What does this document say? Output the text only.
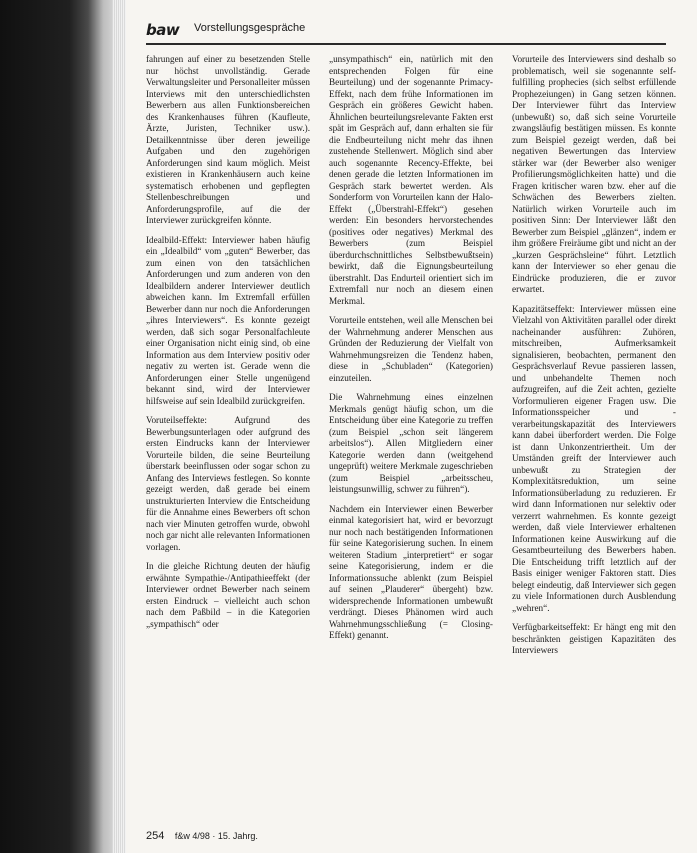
baw Vorstellungsgespräche

fahrungen auf einer zu besetzenden Stelle nur höchst unvollständig. Gerade Verwaltungsleiter und Personalleiter müssen Interviews mit den unterschiedlichsten Bewerbern aus allen Funktionsbereichen des Krankenhauses führen (Kaufleute, Ärzte, Juristen, Techniker usw.). Detailkenntnisse über deren jeweilige Aufgaben und den zugehörigen Anforderungen sind kaum möglich. Meist existieren in Krankenhäusern auch keine systematisch erhobenen und gepflegten Stellenbeschreibungen und Anforderungsprofile, auf die der Interviewer zurückgreifen könnte.

Idealbild-Effekt: Interviewer haben häufig ein „Idealbild“ vom „guten“ Bewerber, das zum einen von den tatsächlichen Anforderungen und zum anderen von den Idealbildern anderer Interviewer deutlich abweichen kann. Im Extremfall erfüllen Bewerber dann nur noch die Anforderungen „ihres Interviewers“. Es konnte gezeigt werden, daß sich sogar Personalfachleute einer Organisation nicht einig sind, ob eine Information aus dem Interview positiv oder negativ zu werten ist. Gerade wenn die Anforderungen einer Stelle ungenügend bekannt sind, wird der Interviewer hilfsweise auf sein Idealbild zurückgreifen.

Voruteilseffekte: Aufgrund des Bewerbungsunterlagen oder aufgrund des ersten Eindrucks kann der Interviewer Vorurteile bilden, die seine Beurteilung überstark beeinflussen oder sogar schon zu Anfang des Interviews festlegen. So konnte gezeigt werden, daß gerade bei einem unstrukturierten Interview die Entscheidung für die Annahme eines Bewerbers oft schon nach vier Minuten getroffen wurde, obwohl noch gar nicht alle relevanten Informationen vorlagen.

In die gleiche Richtung deuten der häufig erwähnte Sympathie-/Antipathieeffekt (der Interviewer ordnet Bewerber nach seinem ersten Eindruck – vielleicht auch schon nach dem Paßbild – in die Kategorien „sympathisch“ oder

„unsympathisch“ ein, natürlich mit den entsprechenden Folgen für eine Beurteilung) und der sogenannte Primacy-Effekt, nach dem frühe Informationen im Gespräch ein größeres Gewicht haben. Ähnlichen beurteilungsrelevante Fakten erst spät im Gespräch auf, dann erhalten sie für die Endbeurteilung nicht mehr das ihnen zustehende Stellenwert. Möglich sind aber auch sogenannte Recency-Effekte, bei denen gerade die letzten Informationen im Gespräch stark bewertet werden. Als Sonderform von Vorurteilen kann der Halo-Effekt („Überstrahl-Effekt“) gesehen werden: Ein besonders hervorstechendes (positives oder negatives) Merkmal des Bewerbers (zum Beispiel überdurchschnittliches Selbstbewußtsein) bewirkt, daß die Eignungsbeurteilung überstrahlt. Das Endurteil orientiert sich im Extremfall nur noch an diesem einen Merkmal.

Vorurteile entstehen, weil alle Menschen bei der Wahrnehmung anderer Menschen aus Gründen der Reduzierung der Vielfalt von Wahrnehmungsreizen die Tendenz haben, diese in „Schubladen“ (Kategorien) einzuteilen.

Die Wahrnehmung eines einzelnen Merkmals genügt häufig schon, um die Entscheidung über eine Kategorie zu treffen (zum Beispiel „schon seit längerem arbeitslos“). Allen Mitgliedern einer Kategorie werden dann (weitgehend ungeprüft) weitere Merkmale zugeschrieben (zum Beispiel „arbeitsscheu, leistungsunwillig, schwer zu führen“).

Nachdem ein Interviewer einen Bewerber einmal kategorisiert hat, wird er bevorzugt nur noch nach bestätigenden Informationen für seine Kategorisierung suchen. In einem weiteren Stadium „interpretiert“ er sogar seine Kategorisierung, indem er die Informationssuche ablenkt (zum Beispiel auf seinen „Plauderer“ übergeht) bzw. widersprechende Informationen umbewußt verdrängt. Dieses Phänomen wird auch Wahrnehmungsschließung (= Closing-Effekt) genannt.

Vorurteile des Interviewers sind deshalb so problematisch, weil sie sogenannte self-fulfilling prophecies (sich selbst erfüllende Prophezeiungen) in Gang setzen können. Der Interviewer führt das Interview (unbewußt) so, daß sich seine Vorurteile zwangsläufig bestätigen müssen. Es konnte zum Beispiel gezeigt werden, daß bei negativen Bewertungen das Interview stärker war (der Bewerber also weniger Profilierungsmöglichkeiten hatte) und die Fragen kritischer waren bzw. eher auf die Schwächen des Bewerbers zielten. Natürlich wirken Vorurteile auch im positiven Sinn: Der Interviewer läßt den Bewerber zum Beispiel „glänzen“, indem er ihm größere Freiräume gibt und nicht an der „kurzen Gesprächsleine“ führt. Letztlich kann der Interviewer so eher genau die Eindrücke produzieren, die er zuvor erwartet.

Kapazitätseffekt: Interviewer müssen eine Vielzahl von Aktivitäten parallel oder direkt nacheinander ausführen: Zuhören, mitschreiben, Aufmerksamkeit signalisieren, beobachten, permanent den Gesprächsverlauf Revue passieren lassen, und unbehandelte Themen noch aufzugreifen, auf die Zeit achten, gezielte Vorformulieren eigener Fragen usw. Die Informationsspeicher und -verarbeitungskapazität des Interviewers kann dabei überfordert werden. Die Folge ist dann Unkonzentriertheit. Um der Umständen greift der Interviewer auch unbewußt zu Strategien der Komplexitätsreduktion, um seine Informationsüberladung zu reduzieren. Er wird dann Informationen nur selektiv oder verzerrt wahrnehmen. Es konnte gezeigt werden, daß viele Interviewer erhaltenen Informationen keine Auswirkung auf die Gesamtbeurteilung des Bewerbers haben. Die Entscheidung trifft letztlich auf der Basis einiger weniger Faktoren statt. Dies belegt eindeutig, daß Interviewer sich gegen zu viele Informationen durch Ausblendung „wehren“.

Verfügbarkeitseffekt: Er hängt eng mit den beschränkten geistigen Kapazitäten des Interviewers

254 f&w 4/98 · 15. Jahrg.
